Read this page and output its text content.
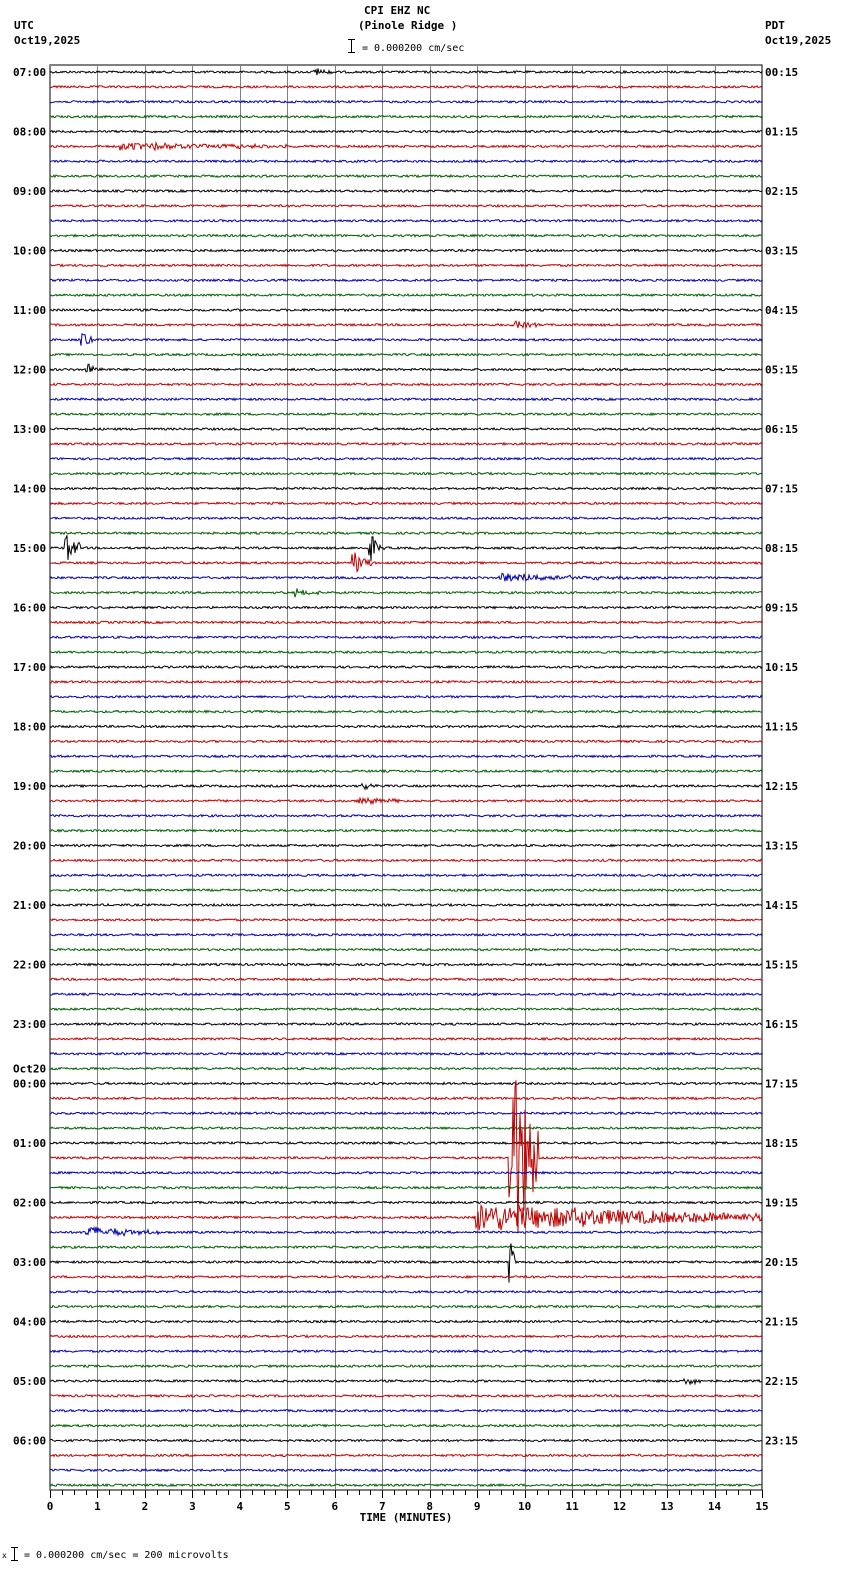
CPI EHZ NC
(Pinole Ridge )
UTC
Oct19,2025
PDT
Oct19,2025
= 0.000200 cm/sec
07:00	00:15
08:00	01:15
09:00	02:15
10:00	03:15
11:00	04:15
12:00	05:15
13:00	06:15
14:00	07:15
15:00	08:15
16:00	09:15
17:00	10:15
18:00	11:15
19:00	12:15
20:00	13:15
21:00	14:15
22:00	15:15
23:00	16:15
Oct20
00:00	17:15
01:00	18:15
02:00	19:15
03:00	20:15
04:00	21:15
05:00	22:15
06:00	23:15
0	1	2	3	4	5	6	7	8	9	10	11	12	13	14	15
TIME (MINUTES)
x = 0.000200 cm/sec = 200 microvolts
